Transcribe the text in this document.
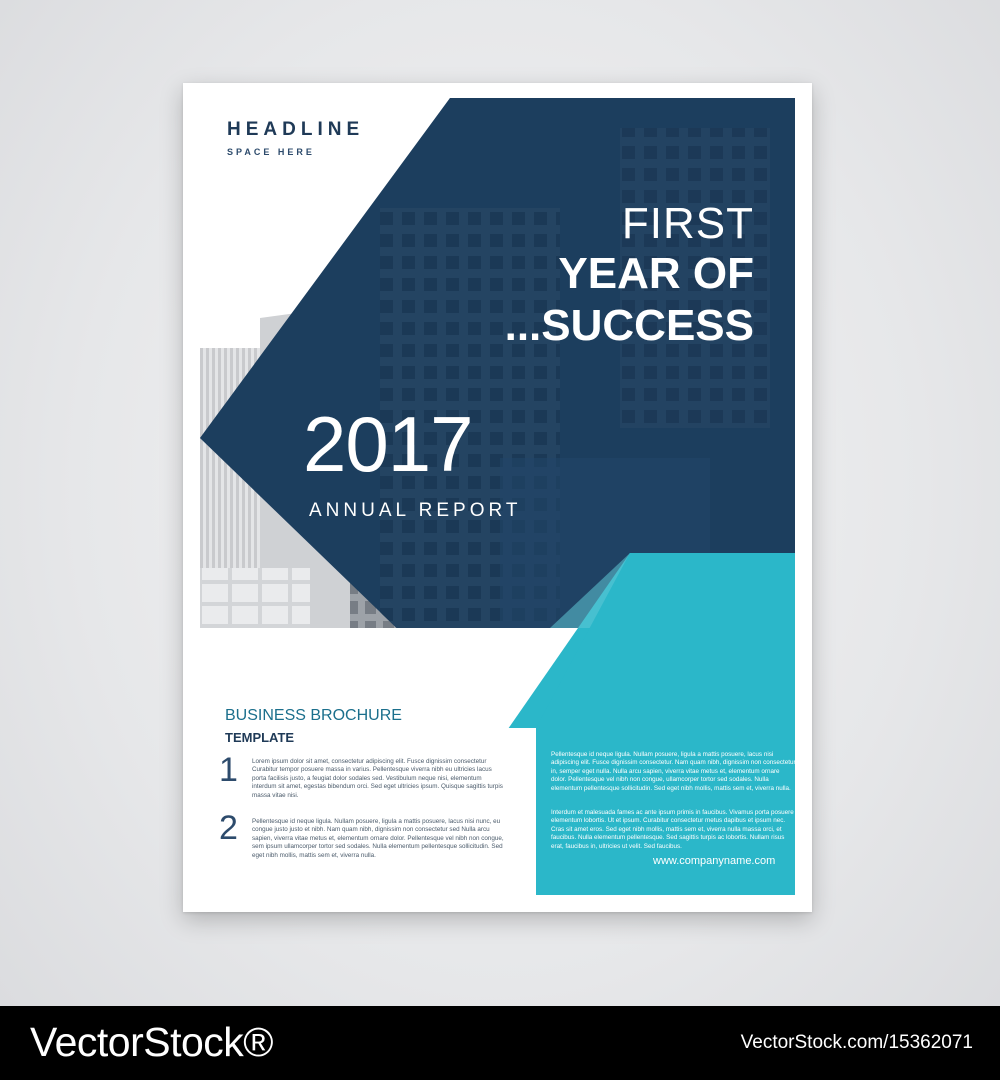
HEADLINE
SPACE HERE
FIRST
YEAR OF
...SUCCESS
2017
ANNUAL REPORT
BUSINESS BROCHURE
TEMPLATE
1 Lorem ipsum dolor sit amet, consectetur adipiscing elit. Fusce dignissim consectetur Curabitur tempor posuere massa in varius. Pellentesque viverra nibh eu ultricies lacus porta facilisis justo, a feugiat dolor sodales sed. Vestibulum neque nisi, elementum interdum sit amet, egestas bibendum orci. Sed eget ultricies ipsum. Quisque sagittis turpis massa vitae nisi.
2 Pellentesque id neque ligula. Nullam posuere, ligula a mattis posuere, lacus nisi nunc, eu congue justo justo et nibh. Nam quam nibh, dignissim non consectetur sed Nulla arcu sapien, viverra vitae metus et, elementum ornare dolor. Pellentesque vel nibh non congue, sem ipsum ullamcorper tortor sed sodales. Nulla elementum pellentesque sollicitudin. Sed eget nibh mollis, mattis sem et, viverra nulla.
Pellentesque id neque ligula. Nullam posuere, ligula a mattis posuere, lacus nisi adipiscing elit. Fusce dignissim consectetur. Nam quam nibh, dignissim non consectetur in, semper eget nulla. Nulla arcu sapien, viverra vitae metus et, elementum ornare dolor. Pellentesque vel nibh non congue, ullamcorper tortor sed sodales. Nulla elementum pellentesque sollicitudin. Sed eget nibh mollis, mattis sem et, viverra nulla.
Interdum et malesuada fames ac ante ipsum primis in faucibus. Vivamus porta posuere elementum lobortis. Ut et ipsum. Curabitur consectetur metus dapibus et ipsum nec. Cras sit amet eros. Sed eget nibh mollis, mattis sem et, viverra nulla massa orci, et faucibus. Nulla elementum pellentesque. Sed sagittis turpis ac lobortis. Nullam risus erat, faucibus in, ultricies ut velit. Sed faucibus.
www.companyname.com
VectorStock®	VectorStock.com/15362071
